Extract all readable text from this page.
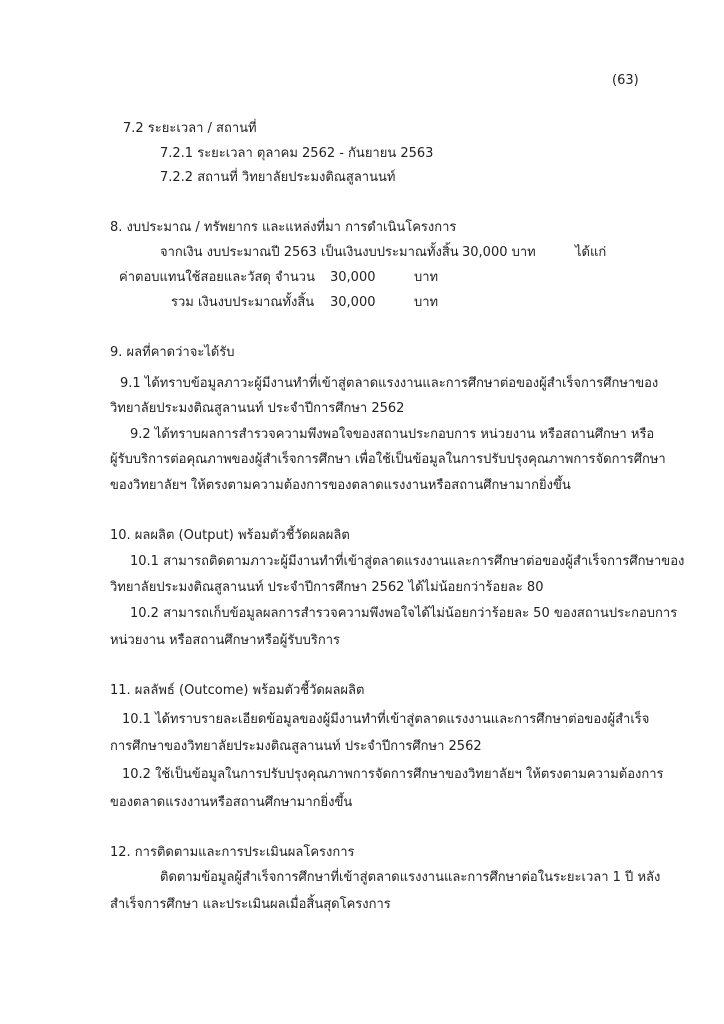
(63)
7.2 ระยะเวลา / สถานที่
7.2.1 ระยะเวลา ตุลาคม 2562 - กันยายน 2563
7.2.2 สถานที่ วิทยาลัยประมงติณสูลานนท์
8. งบประมาณ / ทรัพยากร และแหล่งที่มา การดำเนินโครงการ
จากเงิน งบประมาณปี 2563 เป็นเงินงบประมาณทั้งสิ้น 30,000 บาท	ได้แก่
ค่าตอบแทนใช้สอยและวัสดุ จำนวน 30,000	บาท
รวม เงินงบประมาณทั้งสิ้น 30,000	บาท
9. ผลที่คาดว่าจะได้รับ
9.1 ได้ทราบข้อมูลภาวะผู้มีงานทำที่เข้าสู่ตลาดแรงงานและการศึกษาต่อของผู้สำเร็จการศึกษาของ
วิทยาลัยประมงติณสูลานนท์ ประจำปีการศึกษา 2562
9.2 ได้ทราบผลการสำรวจความพึงพอใจของสถานประกอบการ หน่วยงาน หรือสถานศึกษา หรือ
ผู้รับบริการต่อคุณภาพของผู้สำเร็จการศึกษา เพื่อใช้เป็นข้อมูลในการปรับปรุงคุณภาพการจัดการศึกษา
ของวิทยาลัยฯ ให้ตรงตามความต้องการของตลาดแรงงานหรือสถานศึกษามากยิ่งขึ้น
10. ผลผลิต (Output) พร้อมตัวชี้วัดผลผลิต
10.1 สามารถติดตามภาวะผู้มีงานทำที่เข้าสู่ตลาดแรงงานและการศึกษาต่อของผู้สำเร็จการศึกษาของ
วิทยาลัยประมงติณสูลานนท์ ประจำปีการศึกษา 2562 ได้ไม่น้อยกว่าร้อยละ 80
10.2 สามารถเก็บข้อมูลผลการสำรวจความพึงพอใจได้ไม่น้อยกว่าร้อยละ 50 ของสถานประกอบการ
หน่วยงาน หรือสถานศึกษาหรือผู้รับบริการ
11. ผลลัพธ์ (Outcome) พร้อมตัวชี้วัดผลผลิต
10.1 ได้ทราบรายละเอียดข้อมูลของผู้มีงานทำที่เข้าสู่ตลาดแรงงานและการศึกษาต่อของผู้สำเร็จ
การศึกษาของวิทยาลัยประมงติณสูลานนท์ ประจำปีการศึกษา 2562
10.2 ใช้เป็นข้อมูลในการปรับปรุงคุณภาพการจัดการศึกษาของวิทยาลัยฯ ให้ตรงตามความต้องการ
ของตลาดแรงงานหรือสถานศึกษามากยิ่งขึ้น
12. การติดตามและการประเมินผลโครงการ
ติดตามข้อมูลผู้สำเร็จการศึกษาที่เข้าสู่ตลาดแรงงานและการศึกษาต่อในระยะเวลา 1 ปี หลัง
สำเร็จการศึกษา และประเมินผลเมื่อสิ้นสุดโครงการ
